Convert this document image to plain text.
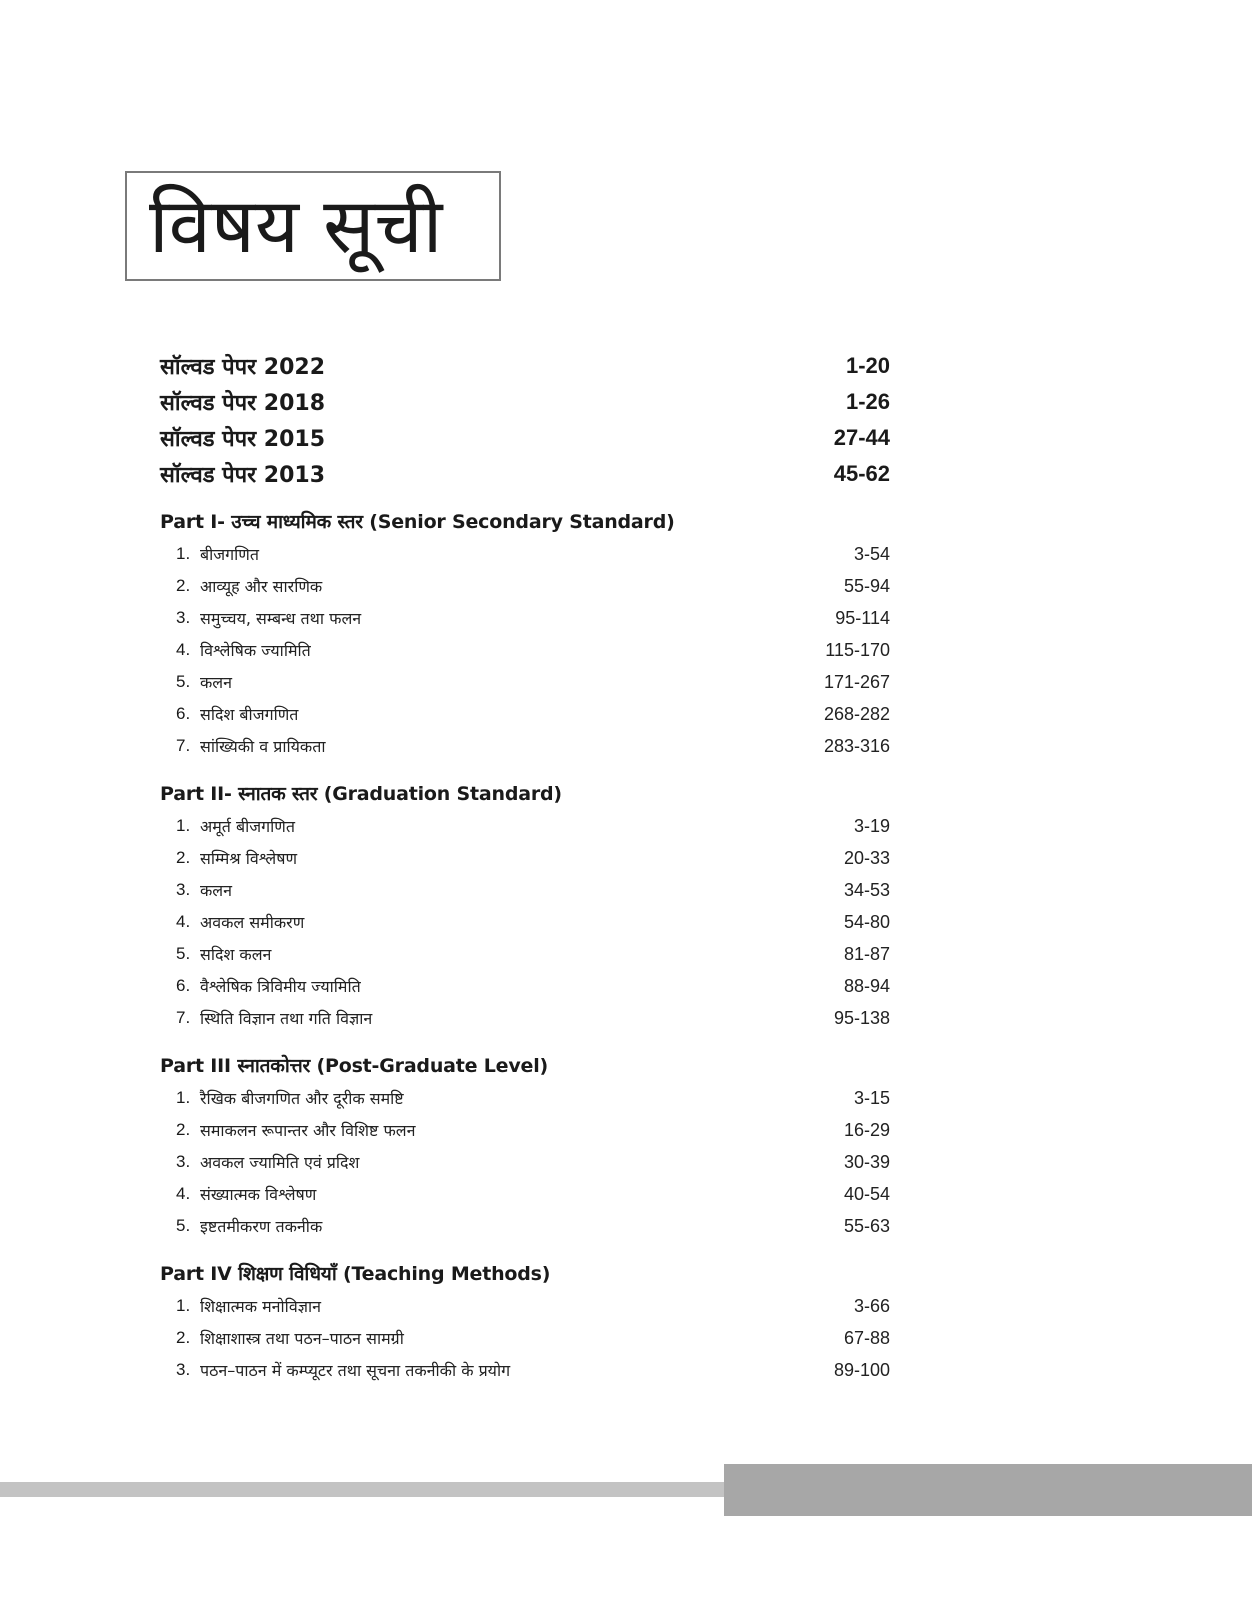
विषय सूची
सॉल्वड पेपर 2022	1-20
सॉल्वड पेपर 2018	1-26
सॉल्वड पेपर 2015	27-44
सॉल्वड पेपर 2013	45-62
Part I- उच्च माध्यमिक स्तर (Senior Secondary Standard)
1. बीजगणित	3-54
2. आव्यूह और सारणिक	55-94
3. समुच्चय, सम्बन्ध तथा फलन	95-114
4. विश्लेषिक ज्यामिति	115-170
5. कलन	171-267
6. सदिश बीजगणित	268-282
7. सांख्यिकी व प्रायिकता	283-316
Part II- स्नातक स्तर (Graduation Standard)
1. अमूर्त बीजगणित	3-19
2. सम्मिश्र विश्लेषण	20-33
3. कलन	34-53
4. अवकल समीकरण	54-80
5. सदिश कलन	81-87
6. वैश्लेषिक त्रिविमीय ज्यामिति	88-94
7. स्थिति विज्ञान तथा गति विज्ञान	95-138
Part III स्नातकोत्तर (Post-Graduate Level)
1. रैखिक बीजगणित और दूरीक समष्टि	3-15
2. समाकलन रूपान्तर और विशिष्ट फलन	16-29
3. अवकल ज्यामिति एवं प्रदिश	30-39
4. संख्यात्मक विश्लेषण	40-54
5. इष्टतमीकरण तकनीक	55-63
Part IV शिक्षण विधियाँ (Teaching Methods)
1. शिक्षात्मक मनोविज्ञान	3-66
2. शिक्षाशास्त्र तथा पठन–पाठन सामग्री	67-88
3. पठन–पाठन में कम्प्यूटर तथा सूचना तकनीकी के प्रयोग	89-100
